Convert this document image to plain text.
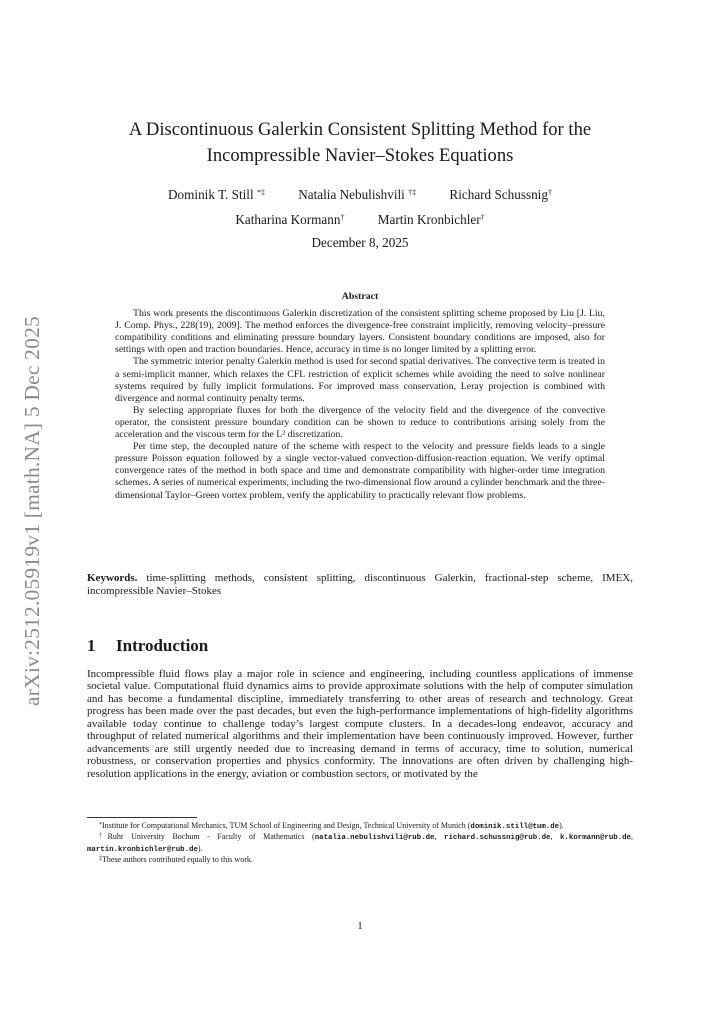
arXiv:2512.05919v1 [math.NA] 5 Dec 2025
A Discontinuous Galerkin Consistent Splitting Method for the
Incompressible Navier–Stokes Equations
Dominik T. Still *‡	Natalia Nebulishvili †‡	Richard Schussnig†
Katharina Kormann†	Martin Kronbichler†
December 8, 2025
Abstract

This work presents the discontinuous Galerkin discretization of the consistent splitting scheme proposed by Liu [J. Liu, J. Comp. Phys., 228(19), 2009]. The method enforces the divergence-free constraint implicitly, removing velocity–pressure compatibility conditions and eliminating pressure boundary layers. Consistent boundary conditions are imposed, also for settings with open and traction boundaries. Hence, accuracy in time is no longer limited by a splitting error.

The symmetric interior penalty Galerkin method is used for second spatial derivatives. The convective term is treated in a semi-implicit manner, which relaxes the CFL restriction of explicit schemes while avoiding the need to solve nonlinear systems required by fully implicit formulations. For improved mass conservation, Leray projection is combined with divergence and normal continuity penalty terms.

By selecting appropriate fluxes for both the divergence of the velocity field and the divergence of the convective operator, the consistent pressure boundary condition can be shown to reduce to contributions arising solely from the acceleration and the viscous term for the L² discretization.

Per time step, the decoupled nature of the scheme with respect to the velocity and pressure fields leads to a single pressure Poisson equation followed by a single vector-valued convection-diffusion-reaction equation. We verify optimal convergence rates of the method in both space and time and demonstrate compatibility with higher-order time integration schemes. A series of numerical experiments, including the two-dimensional flow around a cylinder benchmark and the three-dimensional Taylor–Green vortex problem, verify the applicability to practically relevant flow problems.

Keywords. time-splitting methods, consistent splitting, discontinuous Galerkin, fractional-step scheme, IMEX, incompressible Navier–Stokes
1 Introduction

Incompressible fluid flows play a major role in science and engineering, including countless applications of immense societal value. Computational fluid dynamics aims to provide approximate solutions with the help of computer simulation and has become a fundamental discipline, immediately transferring to other areas of research and technology. Great progress has been made over the past decades, but even the high-performance implementations of high-fidelity algorithms available today continue to challenge today’s largest compute clusters. In a decades-long endeavor, accuracy and throughput of related numerical algorithms and their implementation have been continuously improved. However, further advancements are still urgently needed due to increasing demand in terms of accuracy, time to solution, numerical robustness, or conservation properties and physics conformity. The innovations are often driven by challenging high-resolution applications in the energy, aviation or combustion sectors, or motivated by the

*Institute for Computational Mechanics, TUM School of Engineering and Design, Technical University of Munich (dominik.still@tum.de).

†Ruhr University Bochum - Faculty of Mathematics (natalia.nebulishvili@rub.de, richard.schussnig@rub.de, k.kormann@rub.de, martin.kronbichler@rub.de).

‡These authors contributed equally to this work.

1
